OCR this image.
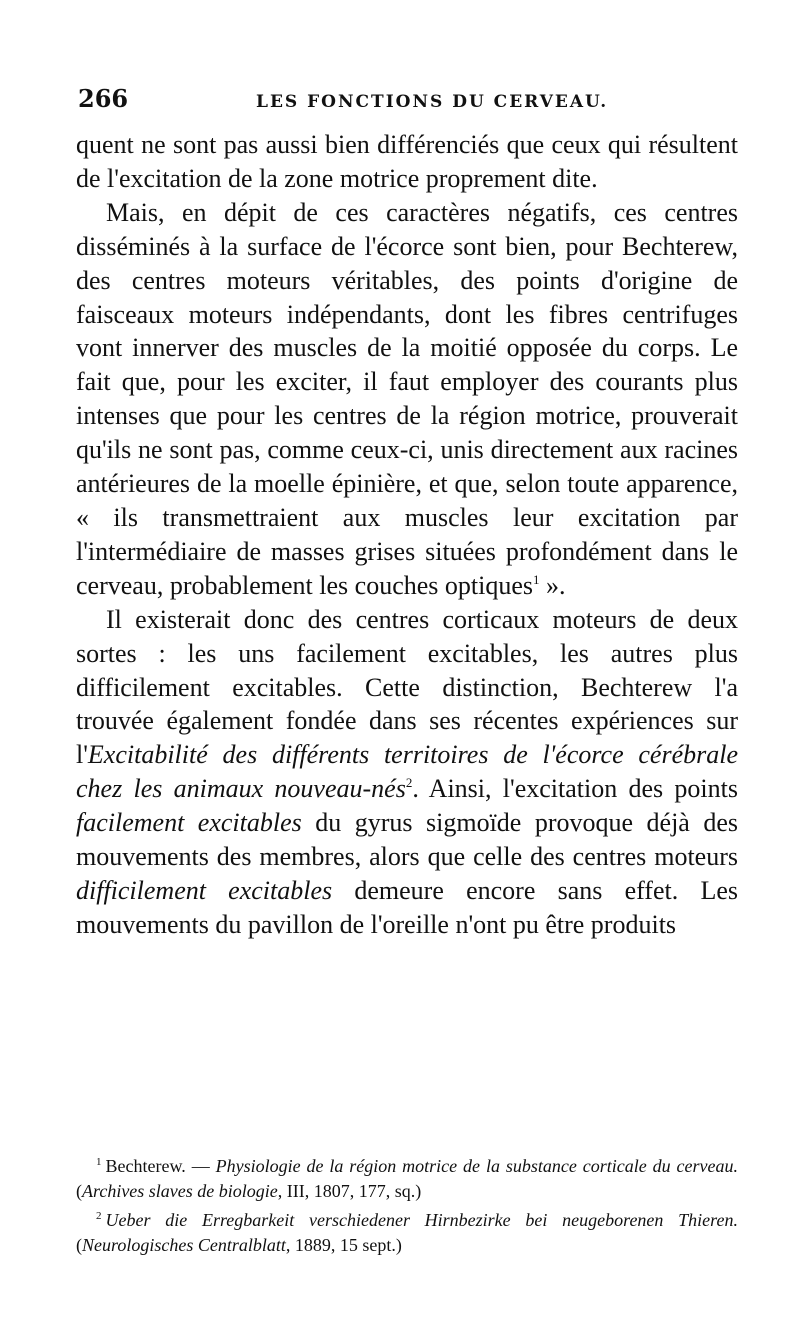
266	LES FONCTIONS DU CERVEAU.

quent ne sont pas aussi bien différenciés que ceux qui résultent de l'excitation de la zone motrice proprement dite.

Mais, en dépit de ces caractères négatifs, ces centres disséminés à la surface de l'écorce sont bien, pour Bechterew, des centres moteurs véritables, des points d'origine de faisceaux moteurs indépendants, dont les fibres centrifuges vont innerver des muscles de la moitié opposée du corps. Le fait que, pour les exciter, il faut employer des courants plus intenses que pour les centres de la région motrice, prouverait qu'ils ne sont pas, comme ceux-ci, unis directement aux racines antérieures de la moelle épinière, et que, selon toute apparence, « ils transmettraient aux muscles leur excitation par l'intermédiaire de masses grises situées profondément dans le cerveau, probablement les couches optiques$^1$ ».

Il existerait donc des centres corticaux moteurs de deux sortes : les uns facilement excitables, les autres plus difficilement excitables. Cette distinction, Bechterew l'a trouvée également fondée dans ses récentes expériences sur l'Excitabilité des différents territoires de l'écorce cérébrale chez les animaux nouveau-nés$^2$. Ainsi, l'excitation des points facilement excitables du gyrus sigmoïde provoque déjà des mouvements des membres, alors que celle des centres moteurs difficilement excitables demeure encore sans effet. Les mouvements du pavillon de l'oreille n'ont pu être produits

$^1$ Bechterew. — Physiologie de la région motrice de la substance corticale du cerveau. (Archives slaves de biologie, III, 1807, 177, sq.)

$^2$ Ueber die Erregbarkeit verschiedener Hirnbezirke bei neugeborenen Thieren. (Neurologisches Centralblatt, 1889, 15 sept.)
